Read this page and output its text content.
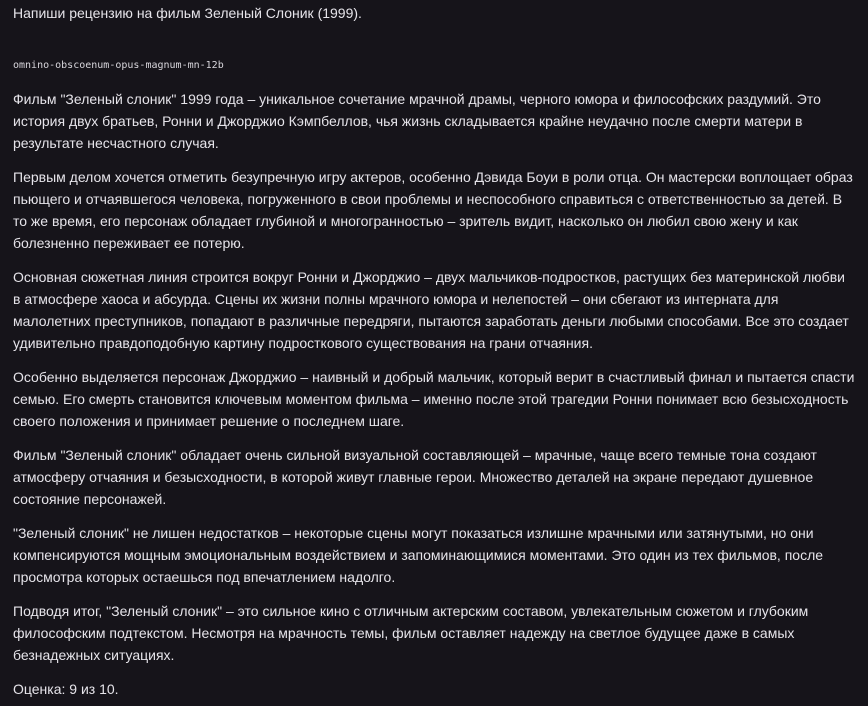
Напиши рецензию на фильм Зеленый Слоник (1999).

omnino-obscoenum-opus-magnum-mn-12b

Фильм "Зеленый слоник" 1999 года – уникальное сочетание мрачной драмы, черного юмора и философских раздумий. Это история двух братьев, Ронни и Джорджио Кэмпбеллов, чья жизнь складывается крайне неудачно после смерти матери в результате несчастного случая.

Первым делом хочется отметить безупречную игру актеров, особенно Дэвида Боуи в роли отца. Он мастерски воплощает образ пьющего и отчаявшегося человека, погруженного в свои проблемы и неспособного справиться с ответственностью за детей. В то же время, его персонаж обладает глубиной и многогранностью – зритель видит, насколько он любил свою жену и как болезненно переживает ее потерю.

Основная сюжетная линия строится вокруг Ронни и Джорджио – двух мальчиков-подростков, растущих без материнской любви в атмосфере хаоса и абсурда. Сцены их жизни полны мрачного юмора и нелепостей – они сбегают из интерната для малолетних преступников, попадают в различные передряги, пытаются заработать деньги любыми способами. Все это создает удивительно правдоподобную картину подросткового существования на грани отчаяния.

Особенно выделяется персонаж Джорджио – наивный и добрый мальчик, который верит в счастливый финал и пытается спасти семью. Его смерть становится ключевым моментом фильма – именно после этой трагедии Ронни понимает всю безысходность своего положения и принимает решение о последнем шаге.

Фильм "Зеленый слоник" обладает очень сильной визуальной составляющей – мрачные, чаще всего темные тона создают атмосферу отчаяния и безысходности, в которой живут главные герои. Множество деталей на экране передают душевное состояние персонажей.

"Зеленый слоник" не лишен недостатков – некоторые сцены могут показаться излишне мрачными или затянутыми, но они компенсируются мощным эмоциональным воздействием и запоминающимися моментами. Это один из тех фильмов, после просмотра которых остаешься под впечатлением надолго.

Подводя итог, "Зеленый слоник" – это сильное кино с отличным актерским составом, увлекательным сюжетом и глубоким философским подтекстом. Несмотря на мрачность темы, фильм оставляет надежду на светлое будущее даже в самых безнадежных ситуациях.

Оценка: 9 из 10.
